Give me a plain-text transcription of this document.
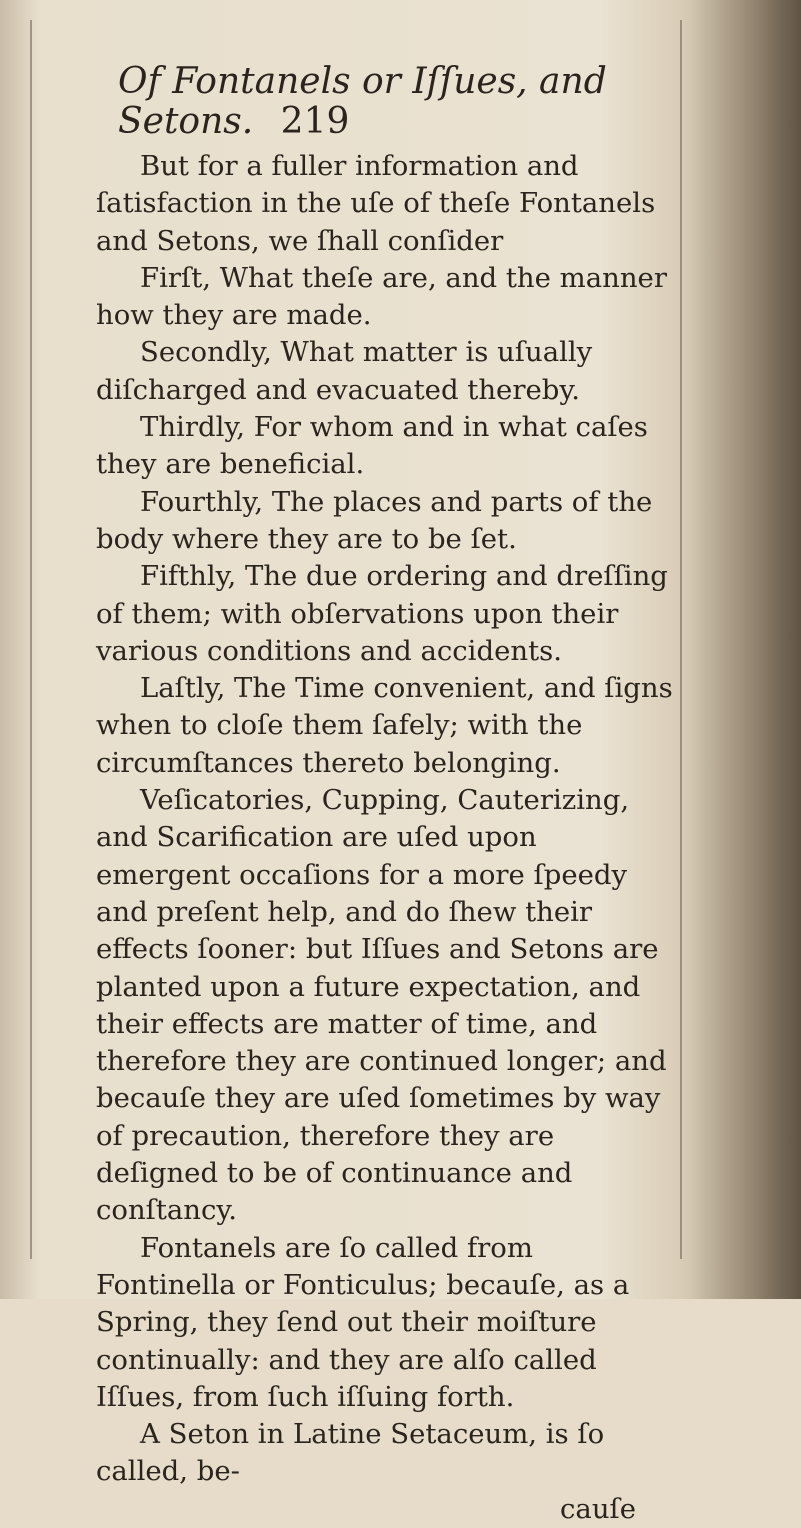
Of Fontanels or Iſſues, and Setons. 219

But for a fuller information and ſatisfaction in the uſe of theſe Fontanels and Setons, we ſhall conſider

Firſt, What theſe are, and the manner how they are made.

Secondly, What matter is uſually diſcharged and evacuated thereby.

Thirdly, For whom and in what caſes they are beneficial.

Fourthly, The places and parts of the body where they are to be ſet.

Fifthly, The due ordering and dreſſing of them; with obſervations upon their various conditions and accidents.

Laſtly, The Time convenient, and ſigns when to cloſe them ſafely; with the circumſtances thereto belonging.

Veſicatories, Cupping, Cauterizing, and Scarification are uſed upon emergent occaſions for a more ſpeedy and preſent help, and do ſhew their effects ſooner: but Iſſues and Setons are planted upon a future expectation, and their effects are matter of time, and therefore they are continued longer; and becauſe they are uſed ſometimes by way of precaution, therefore they are deſigned to be of continuance and conſtancy.

Fontanels are ſo called from Fontinella or Fonticulus; becauſe, as a Spring, they ſend out their moiſture continually: and they are alſo called Iſſues, from ſuch iſſuing forth.

A Seton in Latine Setaceum, is ſo called, be-

cauſe
